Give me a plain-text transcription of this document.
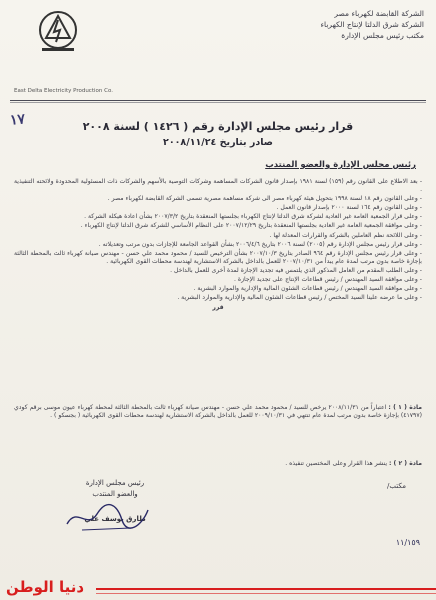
الشركة القابضة لكهرباء مصر
الشركة شرق الدلتا لإنتاج الكهرباء
مكتب رئيس مجلس الإدارة
East Delta Electricity Production Co.
١٧	قرار رئيس مجلس الإدارة رقم ( ١٤٢٦ ) لسنة ٢٠٠٨
صادر بتاريخ ٢٠٠٨/١١/٢٤
رئيس مجلس الإدارة والعضو المنتدب

- بعد الاطلاع على القانون رقم (١٥٩) لسنة ١٩٨١ بإصدار قانون الشركات المساهمة وشركات التوصية بالأسهم والشركات ذات المسئولية المحدودة ولائحته التنفيذية .

- وعلى القانون رقم ١٨ لسنة ١٩٩٨ بتحويل هيئة كهرباء مصر الى شركة مساهمة مصرية تسمى الشركة القابضة لكهرباء مصر .

- وعلى القانون رقم ١٦٤ لسنة ٢٠٠٠ بإصدار قانون العمل .

- وعلى قرار الجمعية العامة غير العادية لشركة شرق الدلتا لإنتاج الكهرباء بجلستها المنعقدة بتاريخ ٢٠٠٧/٣/٢ بشأن اعادة هيكلة الشركة .

- وعلى موافقة الجمعية العامة غير العادية بجلستها المنعقدة بتاريخ ٢٠٠٧/١٢/٢٩ على النظام الأساسي للشركة شرق الدلتا لإنتاج الكهرباء .

- وعلى اللائحة نظم العاملين بالشركة والقرارات المعدلة لها .

- وعلى قرار رئيس مجلس الإدارة رقم (٢٠٠٥) لسنة ٢٠٠٦ بتاريخ ٢٠٠٦/٤/٦ بشأن القواعد الجامعة للإجازات بدون مرتب وتعديلاته .

- وعلى قرار رئيس مجلس الإدارة رقم ٩٦٤ الصادر بتاريخ ٢٠٠٧/١٠/٣ بشأن الترخيص للسيد / محمود محمد علي حسن - مهندس صيانة كهرباء ثالث بالمحطة الثالثة بإجازة خاصة بدون مرتب لمدة عام يبدأ من ٢٠٠٧/١٠/٣١ للعمل بالداخل بالشركة الاستشارية لهندسة محطات القوى الكهربائية .

- وعلى الطلب المقدم من العامل المذكور الذي يلتمس فيه تجديد الإجازة لمدة أخرى للعمل بالداخل .

- وعلى موافقة السيد المهندس / رئيس قطاعات الإنتاج على تجديد الإجازة .

- وعلى موافقة السيد المهندس / رئيس قطاعات الشئون المالية والإدارية والموارد البشرية .

- وعلى ما عرضه علينا السيد المختص / رئيس قطاعات الشئون المالية والإدارية والموارد البشرية .

قرر

مادة ( ١ ) : اعتباراً من ٢٠٠٨/١١/٣١ يرخص للسيد / محمود محمد علي حسن - مهندس صيانة كهرباء ثالث بالمحطة الثالثة لمحطة كهرباء عيون موسى برقم كودي (٤١٧٩٧) بإجازة خاصة بدون مرتب لمدة عام تنتهي في ٢٠٠٩/١٠/٣١ للعمل بالداخل بالشركة الاستشارية لهندسة محطات القوى الكهربائية ( بجسكو ) .
مادة ( ٢ ) : ينشر هذا القرار وعلى المختصين تنفيذه .
مكتب/
رئيس مجلس الإدارة
والعضو المنتدب
طارق يوسف علي
١١/١٥٩
دنيا الوطن
